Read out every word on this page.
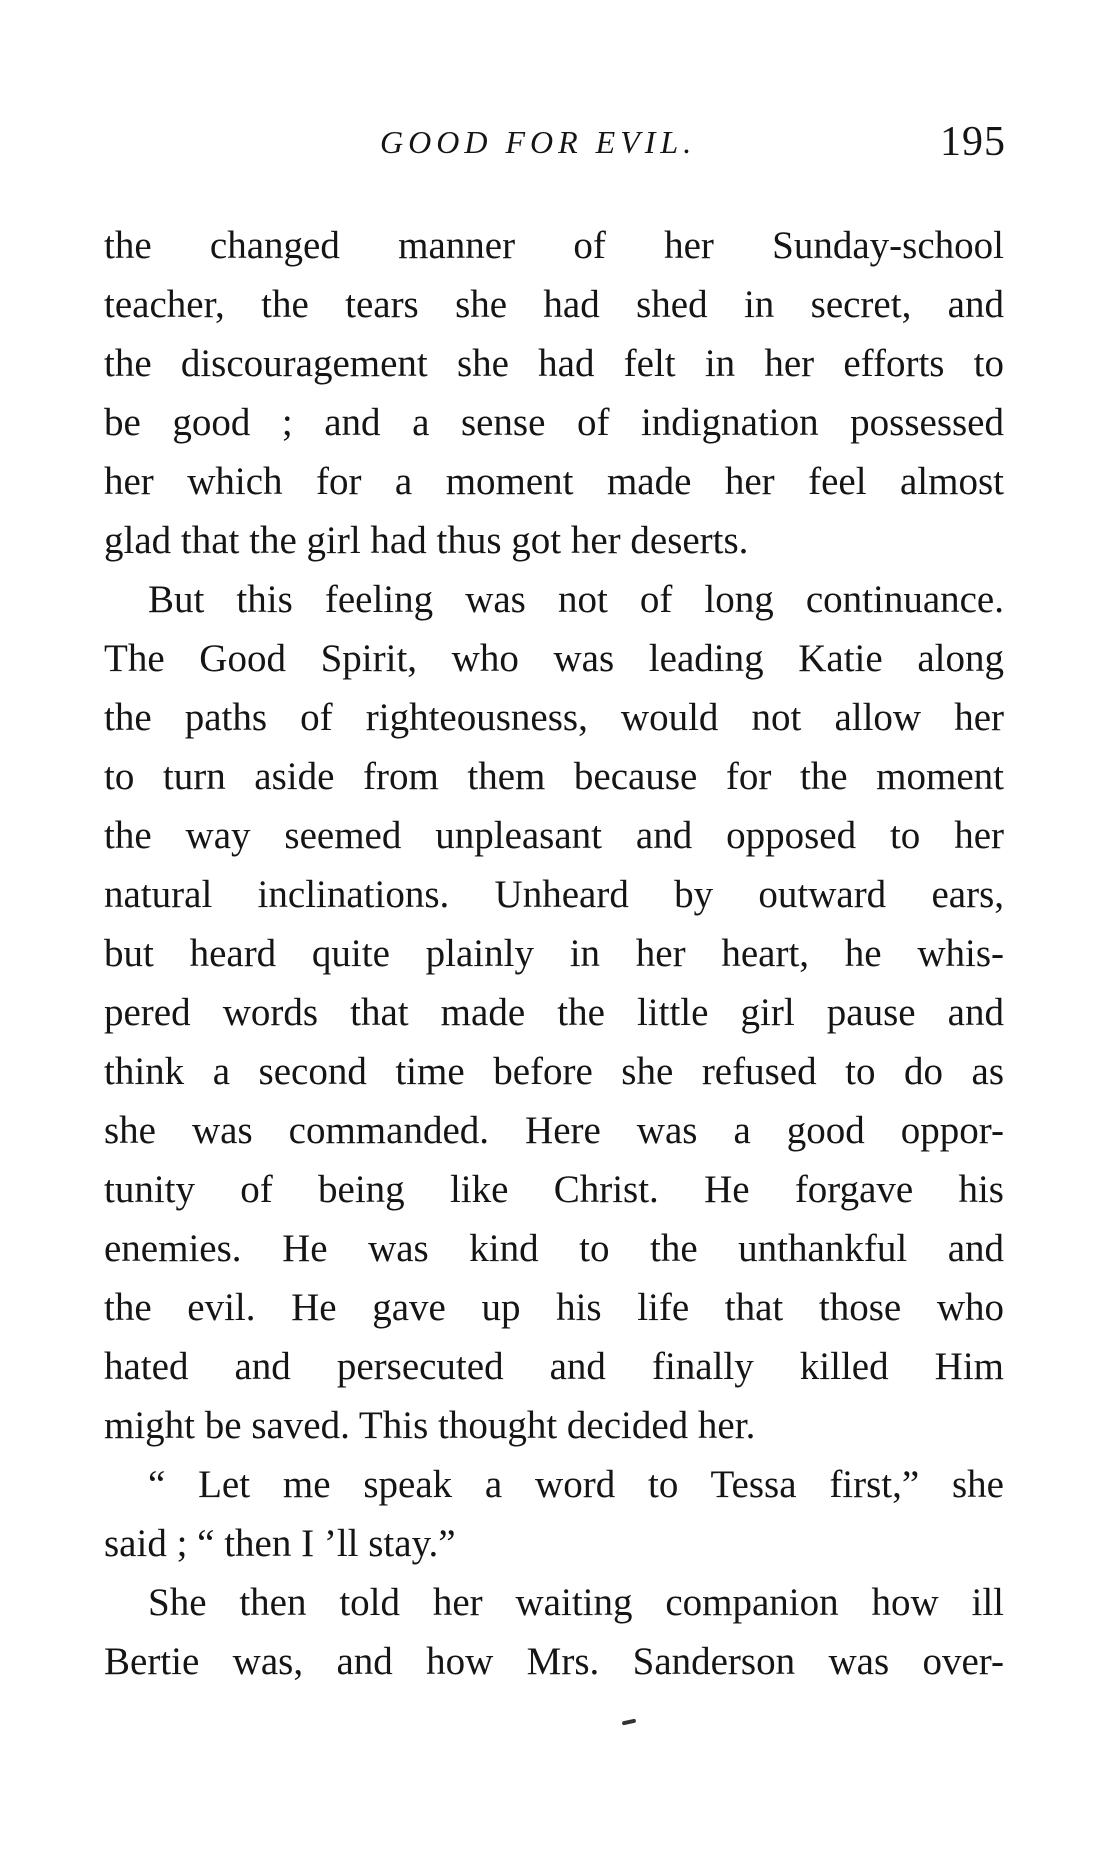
GOOD FOR EVIL.	195
the changed manner of her Sunday-school
teacher, the tears she had shed in secret, and
the discouragement she had felt in her efforts to
be good ; and a sense of indignation possessed
her which for a moment made her feel almost
glad that the girl had thus got her deserts.
But this feeling was not of long continuance.
The Good Spirit, who was leading Katie along
the paths of righteousness, would not allow her
to turn aside from them because for the moment
the way seemed unpleasant and opposed to her
natural inclinations. Unheard by outward ears,
but heard quite plainly in her heart, he whis-
pered words that made the little girl pause and
think a second time before she refused to do as
she was commanded. Here was a good oppor-
tunity of being like Christ. He forgave his
enemies. He was kind to the unthankful and
the evil. He gave up his life that those who
hated and persecuted and finally killed Him
might be saved. This thought decided her.
“ Let me speak a word to Tessa first,” she
said ; “ then I ’ll stay.”
She then told her waiting companion how ill
Bertie was, and how Mrs. Sanderson was over-
